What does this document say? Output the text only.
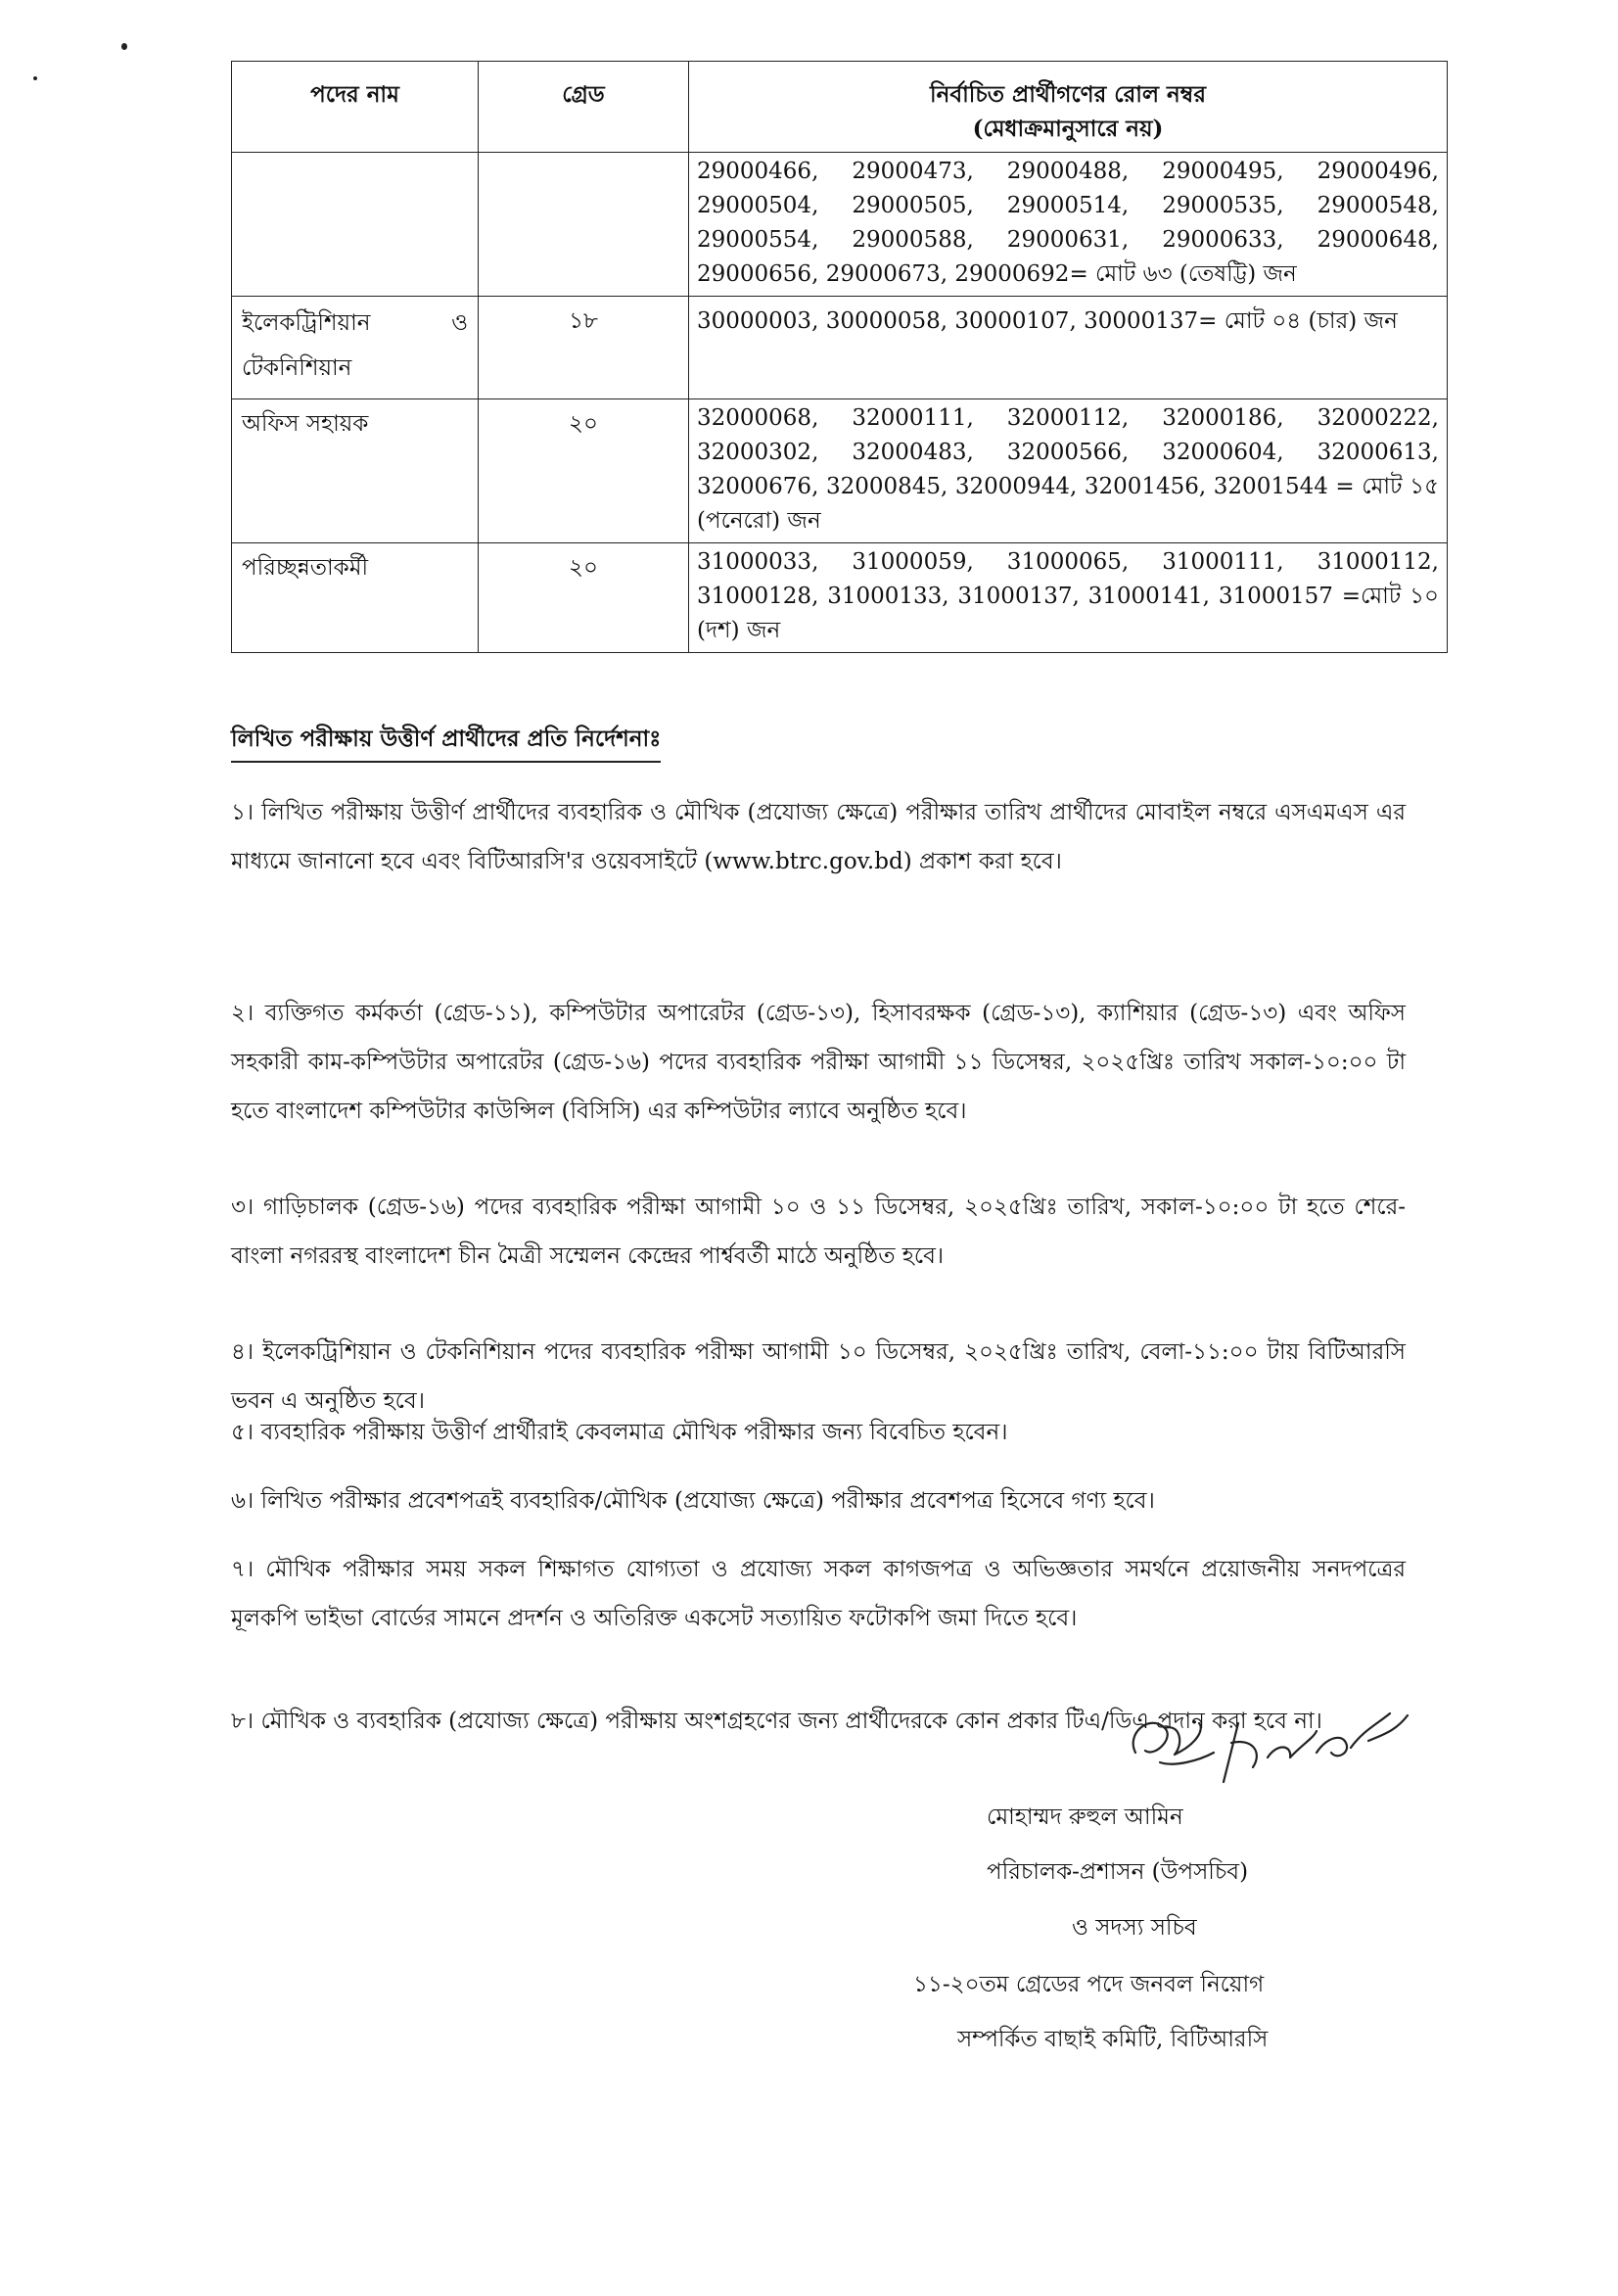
পদের নাম	গ্রেড	নির্বাচিত প্রার্থীগণের রোল নম্বর
(মেধাক্রমানুসারে নয়)
		29000466, 29000473, 29000488, 29000495, 29000496, 29000504, 29000505, 29000514, 29000535, 29000548, 29000554, 29000588, 29000631, 29000633, 29000648, 29000656, 29000673, 29000692= মোট ৬৩ (তেষট্টি) জন

ইলেকট্রিশিয়ান ও
টেকনিশিয়ান	১৮	30000003, 30000058, 30000107, 30000137= মোট ০৪ (চার) জন
অফিস সহায়ক	২০	32000068, 32000111, 32000112, 32000186, 32000222, 32000302, 32000483, 32000566, 32000604, 32000613, 32000676, 32000845, 32000944, 32001456, 32001544 = মোট ১৫ (পনেরো) জন
পরিচ্ছন্নতাকর্মী	২০	31000033, 31000059, 31000065, 31000111, 31000112, 31000128, 31000133, 31000137, 31000141, 31000157 =মোট ১০ (দশ) জন
লিখিত পরীক্ষায় উত্তীর্ণ প্রার্থীদের প্রতি নির্দেশনাঃ
১। লিখিত পরীক্ষায় উত্তীর্ণ প্রার্থীদের ব্যবহারিক ও মৌখিক (প্রযোজ্য ক্ষেত্রে) পরীক্ষার তারিখ প্রার্থীদের মোবাইল নম্বরে এসএমএস এর মাধ্যমে জানানো হবে এবং বিটিআরসি'র ওয়েবসাইটে (www.btrc.gov.bd) প্রকাশ করা হবে।
২। ব্যক্তিগত কর্মকর্তা (গ্রেড-১১), কম্পিউটার অপারেটর (গ্রেড-১৩), হিসাবরক্ষক (গ্রেড-১৩), ক্যাশিয়ার (গ্রেড-১৩) এবং অফিস সহকারী কাম-কম্পিউটার অপারেটর (গ্রেড-১৬) পদের ব্যবহারিক পরীক্ষা আগামী ১১ ডিসেম্বর, ২০২৫খ্রিঃ তারিখ সকাল-১০:০০ টা হতে বাংলাদেশ কম্পিউটার কাউন্সিল (বিসিসি) এর কম্পিউটার ল্যাবে অনুষ্ঠিত হবে।
৩। গাড়িচালক (গ্রেড-১৬) পদের ব্যবহারিক পরীক্ষা আগামী ১০ ও ১১ ডিসেম্বর, ২০২৫খ্রিঃ তারিখ, সকাল-১০:০০ টা হতে শেরে-বাংলা নগররস্থ বাংলাদেশ চীন মৈত্রী সম্মেলন কেন্দ্রের পার্শ্ববর্তী মাঠে অনুষ্ঠিত হবে।
৪। ইলেকট্রিশিয়ান ও টেকনিশিয়ান পদের ব্যবহারিক পরীক্ষা আগামী ১০ ডিসেম্বর, ২০২৫খ্রিঃ তারিখ, বেলা-১১:০০ টায় বিটিআরসি ভবন এ অনুষ্ঠিত হবে।
৫। ব্যবহারিক পরীক্ষায় উত্তীর্ণ প্রার্থীরাই কেবলমাত্র মৌখিক পরীক্ষার জন্য বিবেচিত হবেন।
৬। লিখিত পরীক্ষার প্রবেশপত্রই ব্যবহারিক/মৌখিক (প্রযোজ্য ক্ষেত্রে) পরীক্ষার প্রবেশপত্র হিসেবে গণ্য হবে।
৭। মৌখিক পরীক্ষার সময় সকল শিক্ষাগত যোগ্যতা ও প্রযোজ্য সকল কাগজপত্র ও অভিজ্ঞতার সমর্থনে প্রয়োজনীয় সনদপত্রের মূলকপি ভাইভা বোর্ডের সামনে প্রদর্শন ও অতিরিক্ত একসেট সত্যায়িত ফটোকপি জমা দিতে হবে।
৮। মৌখিক ও ব্যবহারিক (প্রযোজ্য ক্ষেত্রে) পরীক্ষায় অংশগ্রহণের জন্য প্রার্থীদেরকে কোন প্রকার টিএ/ডিএ প্রদান করা হবে না।
মোহাম্মদ রুহুল আমিন
পরিচালক-প্রশাসন (উপসচিব)
ও সদস্য সচিব
১১-২০তম গ্রেডের পদে জনবল নিয়োগ
সম্পর্কিত বাছাই কমিটি, বিটিআরসি
